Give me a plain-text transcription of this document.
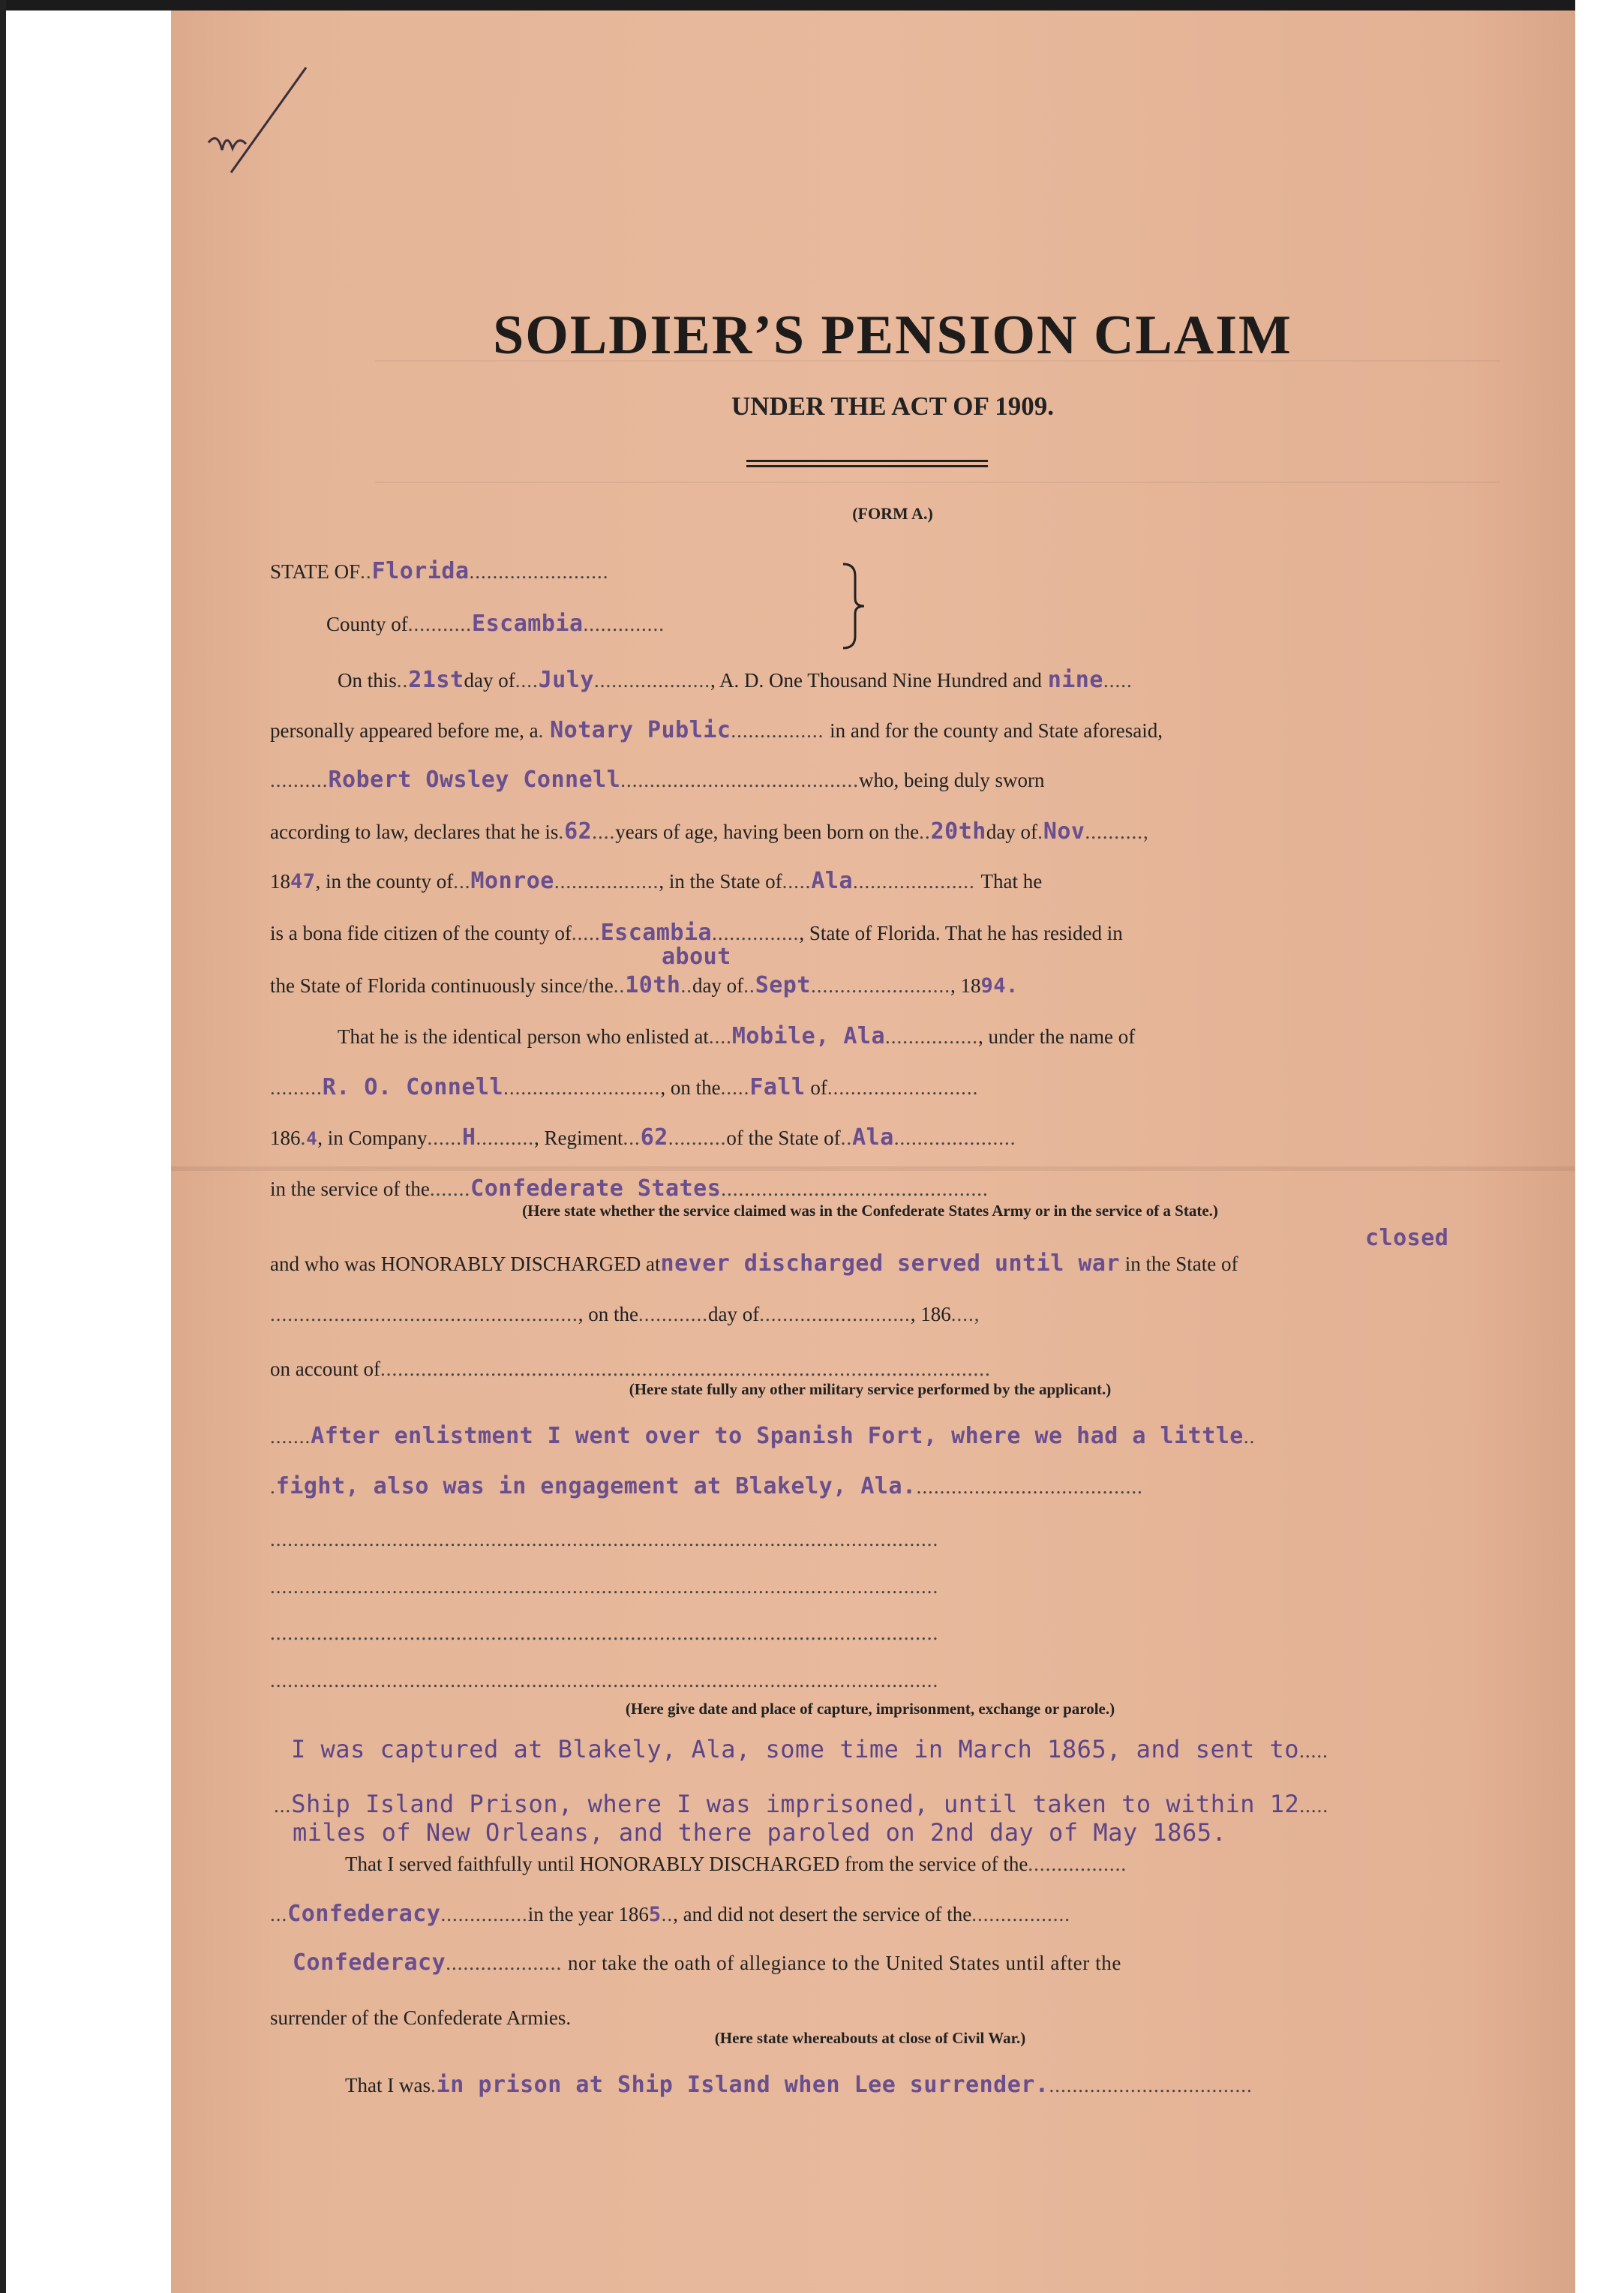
SOLDIER’S PENSION CLAIM
UNDER THE ACT OF 1909.
(FORM A.)
STATE OF..Florida........................
County of...........Escambia..............
On this..21stday of....July...................., A. D. One Thousand Nine Hundred and nine.....
personally appeared before me, a. Notary Public................ in and for the county and State aforesaid,
..........Robert Owsley Connell.........................................who, being duly sworn
according to law, declares that he is.62....years of age, having been born on the..20thday of.Nov..........,
1847, in the county of...Monroe.................., in the State of.....Ala..................... That he
is a bona fide citizen of the county of.....Escambia..............., State of Florida. That he has resided in
about
the State of Florida continuously since/the..10th..day of..Sept........................, 1894.
That he is the identical person who enlisted at....Mobile, Ala................, under the name of
.........R. O. Connell..........................., on the.....Fall of..........................
186.4, in Company......H.........., Regiment...62..........of the State of..Ala.....................
in the service of the.......Confederate States..............................................
(Here state whether the service claimed was in the Confederate States Army or in the service of a State.)
closed
and who was HONORABLY DISCHARGED atnever discharged served until war in the State of
....................................................., on the............day of.........................., 186....,
on account of.........................................................................................................
(Here state fully any other military service performed by the applicant.)
.......After enlistment I went over to Spanish Fort, where we had a little..
.fight, also was in engagement at Blakely, Ala........................................
...................................................................................................................
...................................................................................................................
...................................................................................................................
...................................................................................................................
(Here give date and place of capture, imprisonment, exchange or parole.)
I was captured at Blakely, Ala, some time in March 1865, and sent to.....
...Ship Island Prison, where I was imprisoned, until taken to within 12.....
miles of New Orleans, and there paroled on 2nd day of May 1865.
That I served faithfully until HONORABLY DISCHARGED from the service of the.................
...Confederacy...............in the year 1865.., and did not desert the service of the.................
Confederacy.................... nor take the oath of allegiance to the United States until after the
surrender of the Confederate Armies.
(Here state whereabouts at close of Civil War.)
That I was.in prison at Ship Island when Lee surrender....................................
